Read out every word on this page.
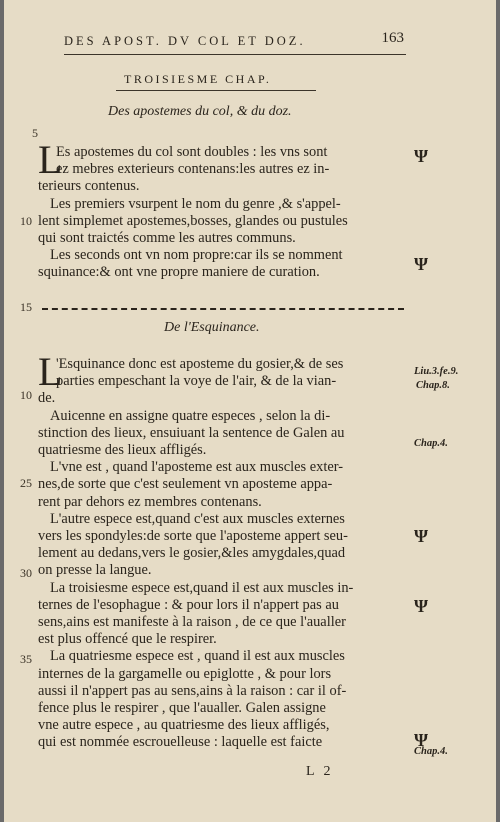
DES APOST. DV COL ET DOZ.	163
TROISIESME CHAP.
Des apostemes du col, & du doz.
5
L
Es apostemes du col sont doubles : les vns sont
ez mebres exterieurs contenans:les autres ez in-
terieurs contenus.
Les premiers vsurpent le nom du genre ,& s'appel-
lent simplemet apostemes,bosses, glandes ou pustules
qui sont traictés comme les autres communs.
Les seconds ont vn nom propre:car ils se nomment
squinance:& ont vne propre maniere de curation.
10
Ψ
Ψ
15
De l'Esquinance.
L
'Esquinance donc est aposteme du gosier,& de ses
parties empeschant la voye de l'air, & de la vian-
de.
Auicenne en assigne quatre especes , selon la di-
stinction des lieux, ensuiuant la sentence de Galen au
quatriesme des lieux affligés.
L'vne est , quand l'aposteme est aux muscles exter-
nes,de sorte que c'est seulement vn aposteme appa-
rent par dehors ez membres contenans.
L'autre espece est,quand c'est aux muscles externes
vers les spondyles:de sorte que l'aposteme appert seu-
lement au dedans,vers le gosier,&les amygdales,quad
on presse la langue.
La troisiesme espece est,quand il est aux muscles in-
ternes de l'esophague : & pour lors il n'appert pas au
sens,ains est manifeste à la raison , de ce que l'aualler
est plus offencé que le respirer.
La quatriesme espece est , quand il est aux muscles
internes de la gargamelle ou epiglotte , & pour lors
aussi il n'appert pas au sens,ains à la raison : car il of-
fence plus le respirer , que l'aualler. Galen assigne
vne autre espece , au quatriesme des lieux affligés,
qui est nommée escrouelleuse : laquelle est faicte
10
25
30
35
Liu.3.fe.9.
Chap.8.
Chap.4.
Ψ
Ψ
Ψ
Chap.4.
L 2
